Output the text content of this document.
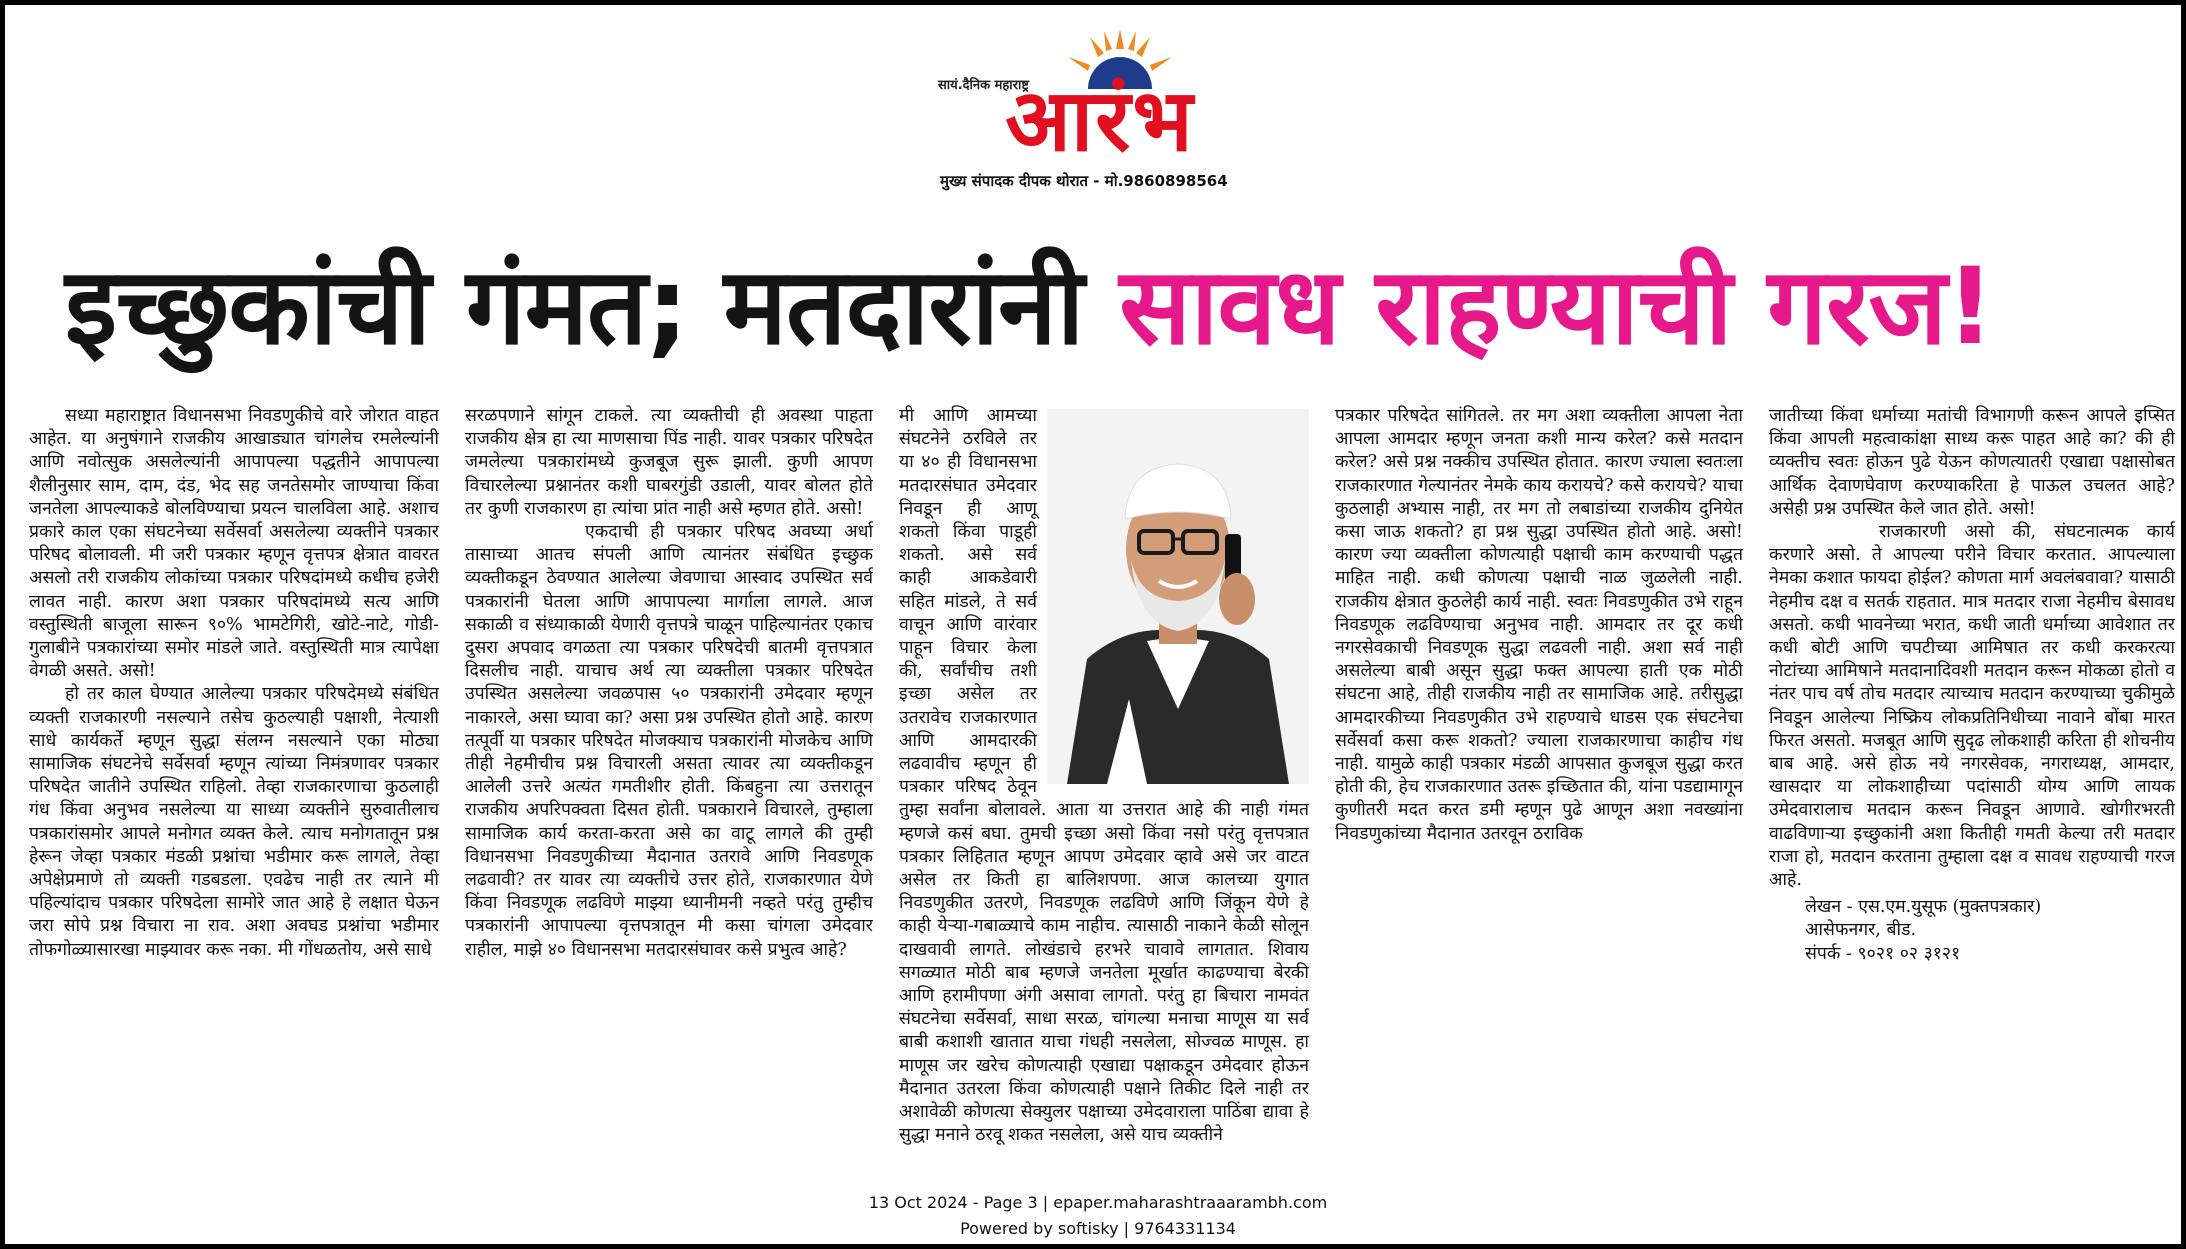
सायं.दैनिक महाराष्ट्र
आरंभ
मुख्य संपादक दीपक थोरात - मो.9860898564
इच्छुकांची गंमत; मतदारांनी सावध राहण्याची गरज!

सध्या महाराष्ट्रात विधानसभा निवडणुकीचे वारे जोरात वाहत आहेत. या अनुषंगाने राजकीय आखाड्यात चांगलेच रमलेल्यांनी आणि नवोत्सुक असलेल्यांनी आपापल्या पद्धतीने आपापल्या शैलीनुसार साम, दाम, दंड, भेद सह जनतेसमोर जाण्याचा किंवा जनतेला आपल्याकडे बोलविण्याचा प्रयत्न चालविला आहे. अशाच प्रकारे काल एका संघटनेच्या सर्वेसर्वा असलेल्या व्यक्तीने पत्रकार परिषद बोलावली. मी जरी पत्रकार म्हणून वृत्तपत्र क्षेत्रात वावरत असलो तरी राजकीय लोकांच्या पत्रकार परिषदांमध्ये कधीच हजेरी लावत नाही. कारण अशा पत्रकार परिषदांमध्ये सत्य आणि वस्तुस्थिती बाजूला सारून ९०% भामटेगिरी, खोटे-नाटे, गोडी-गुलाबीने पत्रकारांच्या समोर मांडले जाते. वस्तुस्थिती मात्र त्यापेक्षा वेगळी असते. असो!

हो तर काल घेण्यात आलेल्या पत्रकार परिषदेमध्ये संबंधित व्यक्ती राजकारणी नसल्याने तसेच कुठल्याही पक्षाशी, नेत्याशी साधे कार्यकर्ते म्हणून सुद्धा संलग्न नसल्याने एका मोठ्या सामाजिक संघटनेचे सर्वेसर्वा म्हणून त्यांच्या निमंत्रणावर पत्रकार परिषदेत जातीने उपस्थित राहिलो. तेव्हा राजकारणाचा कुठलाही गंध किंवा अनुभव नसलेल्या या साध्या व्यक्तीने सुरुवातीलाच पत्रकारांसमोर आपले मनोगत व्यक्त केले. त्याच मनोगतातून प्रश्न हेरून जेव्हा पत्रकार मंडळी प्रश्नांचा भडीमार करू लागले, तेव्हा अपेक्षेप्रमाणे तो व्यक्ती गडबडला. एवढेच नाही तर त्याने मी पहिल्यांदाच पत्रकार परिषदेला सामोरे जात आहे हे लक्षात घेऊन जरा सोपे प्रश्न विचारा ना राव. अशा अवघड प्रश्नांचा भडीमार तोफगोळ्यासारखा माझ्यावर करू नका. मी गोंधळतोय, असे साधे

सरळपणाने सांगून टाकले. त्या व्यक्तीची ही अवस्था पाहता राजकीय क्षेत्र हा त्या माणसाचा पिंड नाही. यावर पत्रकार परिषदेत जमलेल्या पत्रकारांमध्ये कुजबूज सुरू झाली. कुणी आपण विचारलेल्या प्रश्नानंतर कशी घाबरगुंडी उडाली, यावर बोलत होते तर कुणी राजकारण हा त्यांचा प्रांत नाही असे म्हणत होते. असो!

एकदाची ही पत्रकार परिषद अवघ्या अर्धा तासाच्या आतच संपली आणि त्यानंतर संबंधित इच्छुक व्यक्तीकडून ठेवण्यात आलेल्या जेवणाचा आस्वाद उपस्थित सर्व पत्रकारांनी घेतला आणि आपापल्या मार्गाला लागले. आज सकाळी व संध्याकाळी येणारी वृत्तपत्रे चाळून पाहिल्यानंतर एकाच दुसरा अपवाद वगळता त्या पत्रकार परिषदेची बातमी वृत्तपत्रात दिसलीच नाही. याचाच अर्थ त्या व्यक्तीला पत्रकार परिषदेत उपस्थित असलेल्या जवळपास ५० पत्रकारांनी उमेदवार म्हणून नाकारले, असा घ्यावा का? असा प्रश्न उपस्थित होतो आहे. कारण तत्पूर्वी या पत्रकार परिषदेत मोजक्याच पत्रकारांनी मोजकेच आणि तीही नेहमीचीच प्रश्न विचारली असता त्यावर त्या व्यक्तीकडून आलेली उत्तरे अत्यंत गमतीशीर होती. किंबहुना त्या उत्तरातून राजकीय अपरिपक्वता दिसत होती. पत्रकाराने विचारले, तुम्हाला सामाजिक कार्य करता-करता असे का वाटू लागले की तुम्ही विधानसभा निवडणुकीच्या मैदानात उतरावे आणि निवडणूक लढवावी? तर यावर त्या व्यक्तीचे उत्तर होते, राजकारणात येणे किंवा निवडणूक लढविणे माझ्या ध्यानीमनी नव्हते परंतु तुम्हीच पत्रकारांनी आपापल्या वृत्तपत्रातून मी कसा चांगला उमेदवार राहील, माझे ४० विधानसभा मतदारसंघावर कसे प्रभुत्व आहे?

मी आणि आमच्या संघटनेने ठरविले तर या ४० ही विधानसभा मतदारसंघात उमेदवार निवडून ही आणू शकतो किंवा पाडूही शकतो. असे सर्व काही आकडेवारी सहित मांडले, ते सर्व वाचून आणि वारंवार पाहून विचार केला की, सर्वांचीच तशी इच्छा असेल तर उतरावेच राजकारणात आणि आमदारकी लढवावीच म्हणून ही पत्रकार परिषद ठेवून तुम्हा सर्वांना बोलावले. आता या उत्तरात आहे की नाही गंमत म्हणजे कसं बघा. तुमची इच्छा असो किंवा नसो परंतु वृत्तपत्रात पत्रकार लिहितात म्हणून आपण उमेदवार व्हावे असे जर वाटत असेल तर किती हा बालिशपणा. आज कालच्या युगात निवडणुकीत उतरणे, निवडणूक लढविणे आणि जिंकून येणे हे काही येऱ्या-गबाळ्याचे काम नाहीच. त्यासाठी नाकाने केळी सोलून दाखवावी लागते. लोखंडाचे हरभरे चावावे लागतात. शिवाय सगळ्यात मोठी बाब म्हणजे जनतेला मूर्खात काढण्याचा बेरकी आणि हरामीपणा अंगी असावा लागतो. परंतु हा बिचारा नामवंत संघटनेचा सर्वेसर्वा, साधा सरळ, चांगल्या मनाचा माणूस या सर्व बाबी कशाशी खातात याचा गंधही नसलेला, सोज्वळ माणूस. हा माणूस जर खरेच कोणत्याही एखाद्या पक्षाकडून उमेदवार होऊन मैदानात उतरला किंवा कोणत्याही पक्षाने तिकीट दिले नाही तर अशावेळी कोणत्या सेक्युलर पक्षाच्या उमेदवाराला पाठिंबा द्यावा हे सुद्धा मनाने ठरवू शकत नसलेला, असे याच व्यक्तीने

पत्रकार परिषदेत सांगितले. तर मग अशा व्यक्तीला आपला नेता आपला आमदार म्हणून जनता कशी मान्य करेल? कसे मतदान करेल? असे प्रश्न नक्कीच उपस्थित होतात. कारण ज्याला स्वतःला राजकारणात गेल्यानंतर नेमके काय करायचे? कसे करायचे? याचा कुठलाही अभ्यास नाही, तर मग तो लबाडांच्या राजकीय दुनियेत कसा जाऊ शकतो? हा प्रश्न सुद्धा उपस्थित होतो आहे. असो! कारण ज्या व्यक्तीला कोणत्याही पक्षाची काम करण्याची पद्धत माहित नाही. कधी कोणत्या पक्षाची नाळ जुळलेली नाही. राजकीय क्षेत्रात कुठलेही कार्य नाही. स्वतः निवडणुकीत उभे राहून निवडणूक लढविण्याचा अनुभव नाही. आमदार तर दूर कधी नगरसेवकाची निवडणूक सुद्धा लढवली नाही. अशा सर्व नाही असलेल्या बाबी असून सुद्धा फक्त आपल्या हाती एक मोठी संघटना आहे, तीही राजकीय नाही तर सामाजिक आहे. तरीसुद्धा आमदारकीच्या निवडणुकीत उभे राहण्याचे धाडस एक संघटनेचा सर्वेसर्वा कसा करू शकतो? ज्याला राजकारणाचा काहीच गंध नाही. यामुळे काही पत्रकार मंडळी आपसात कुजबूज सुद्धा करत होती की, हेच राजकारणात उतरू इच्छितात की, यांना पडद्यामागून कुणीतरी मदत करत डमी म्हणून पुढे आणून अशा नवख्यांना निवडणुकांच्या मैदानात उतरवून ठराविक

जातीच्या किंवा धर्माच्या मतांची विभागणी करून आपले इप्सित किंवा आपली महत्वाकांक्षा साध्य करू पाहत आहे का? की ही व्यक्तीच स्वतः होऊन पुढे येऊन कोणत्यातरी एखाद्या पक्षासोबत आर्थिक देवाणघेवाण करण्याकरिता हे पाऊल उचलत आहे? असेही प्रश्न उपस्थित केले जात होते. असो!

राजकारणी असो की, संघटनात्मक कार्य करणारे असो. ते आपल्या परीने विचार करतात. आपल्याला नेमका कशात फायदा होईल? कोणता मार्ग अवलंबवावा? यासाठी नेहमीच दक्ष व सतर्क राहतात. मात्र मतदार राजा नेहमीच बेसावध असतो. कधी भावनेच्या भरात, कधी जाती धर्माच्या आवेशात तर कधी बोटी आणि चपटीच्या आमिषात तर कधी करकरत्या नोटांच्या आमिषाने मतदानादिवशी मतदान करून मोकळा होतो व नंतर पाच वर्ष तोच मतदार त्याच्याच मतदान करण्याच्या चुकीमुळे निवडून आलेल्या निष्क्रिय लोकप्रतिनिधीच्या नावाने बोंबा मारत फिरत असतो. मजबूत आणि सुदृढ लोकशाही करिता ही शोचनीय बाब आहे. असे होऊ नये नगरसेवक, नगराध्यक्ष, आमदार, खासदार या लोकशाहीच्या पदांसाठी योग्य आणि लायक उमेदवारालाच मतदान करून निवडून आणावे. खोगीरभरती वाढविणाऱ्या इच्छुकांनी अशा कितीही गमती केल्या तरी मतदार राजा हो, मतदान करताना तुम्हाला दक्ष व सावध राहण्याची गरज आहे.

लेखन - एस.एम.युसूफ (मुक्तपत्रकार)

आसेफनगर, बीड.

संपर्क - ९०२१ ०२ ३१२१

13 Oct 2024 - Page 3 | epaper.maharashtraaarambh.com
Powered by softisky | 9764331134
